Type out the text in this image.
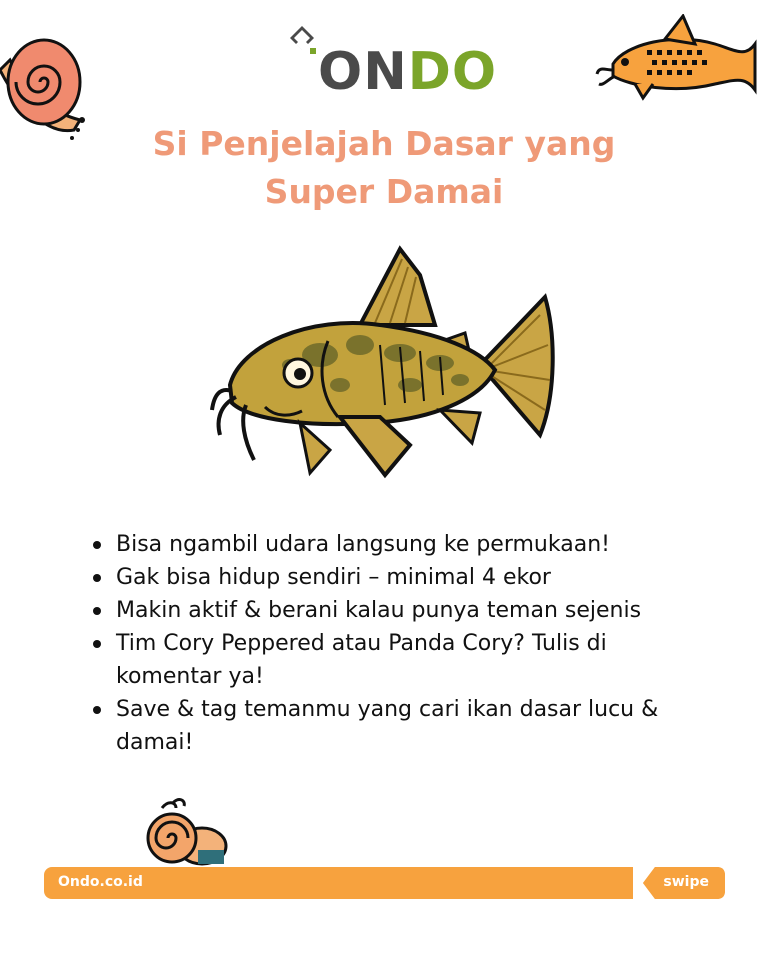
ONDO
Si Penjelajah Dasar yang
Super Damai
Bisa ngambil udara langsung ke permukaan!
Gak bisa hidup sendiri – minimal 4 ekor
Makin aktif & berani kalau punya teman sejenis
Tim Cory Peppered atau Panda Cory? Tulis di komentar ya!
Save & tag temanmu yang cari ikan dasar lucu & damai!
Ondo.co.id	swipe
